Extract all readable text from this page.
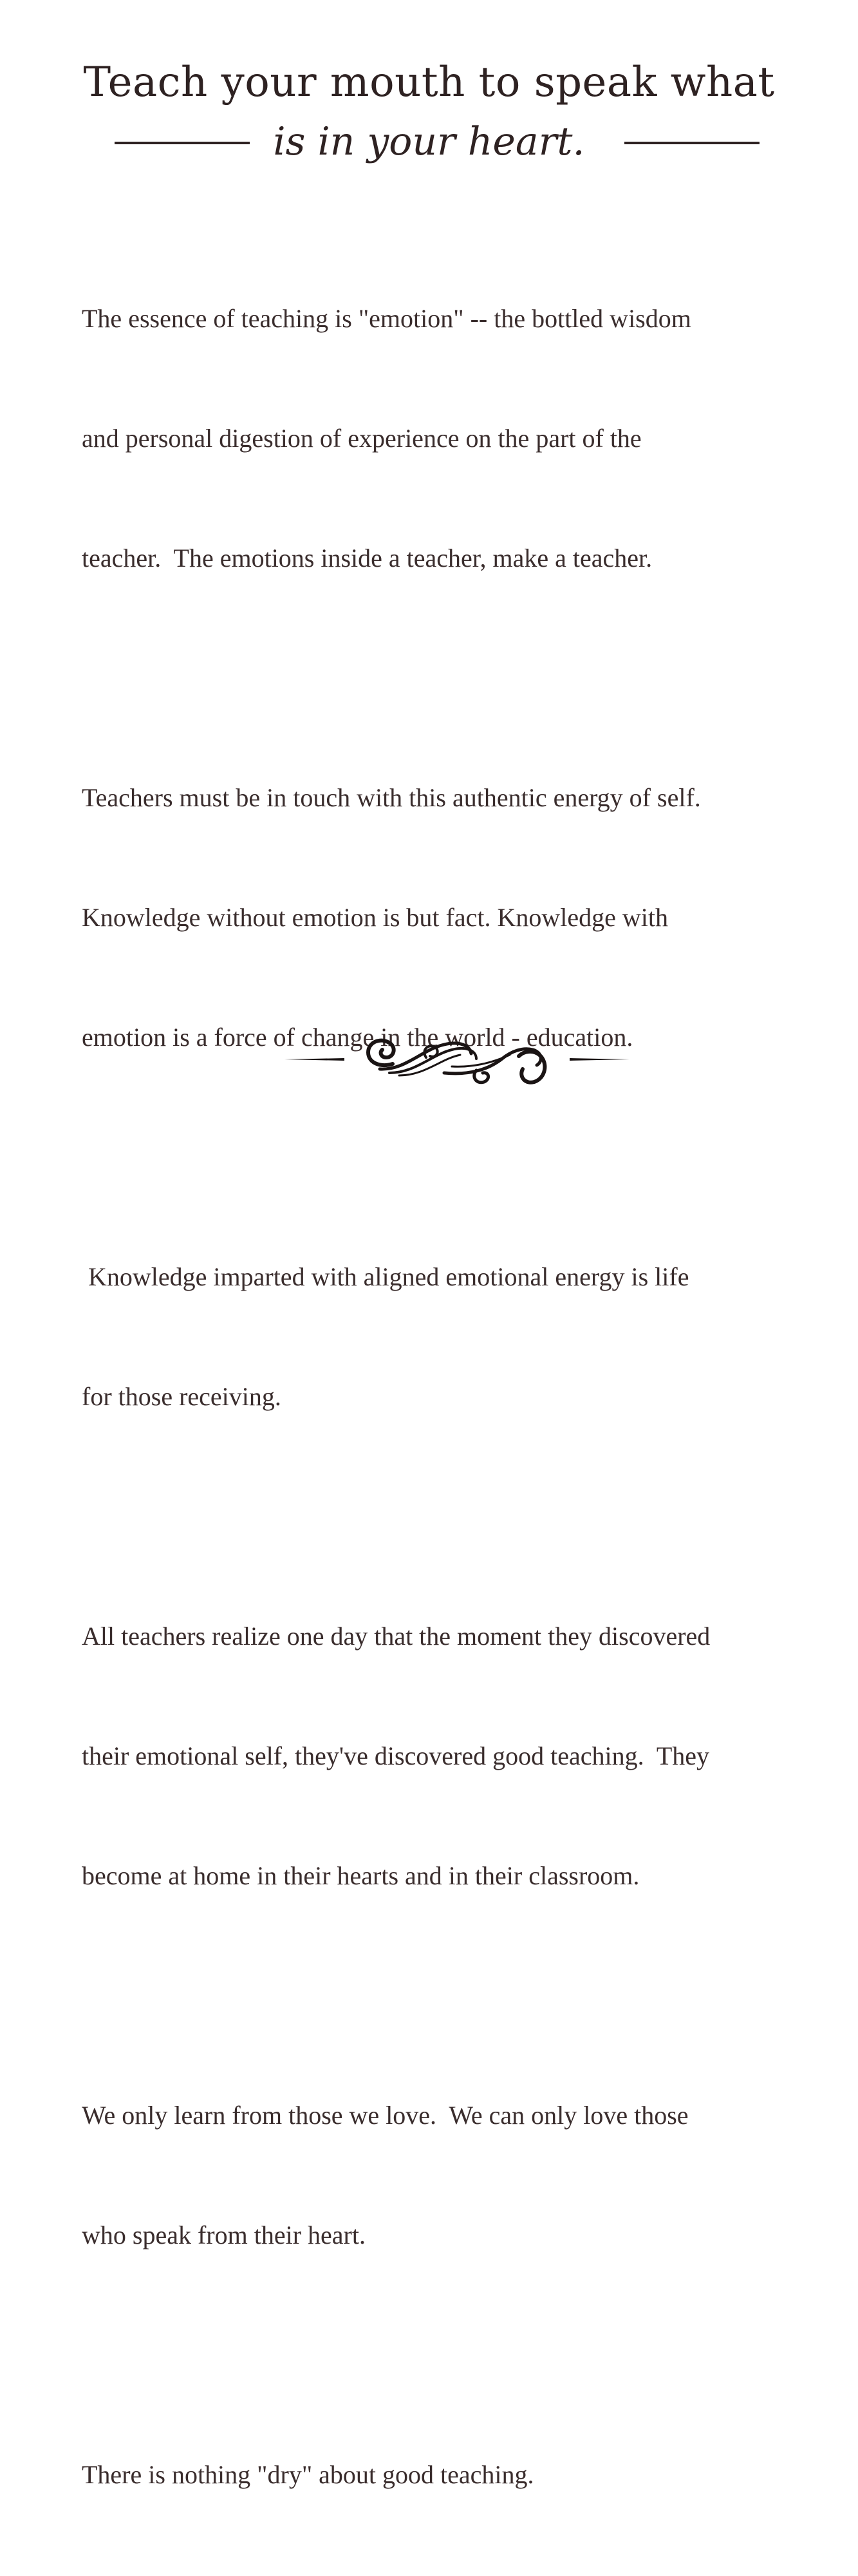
Teach your mouth to speak what
is in your heart.

The essence of teaching is "emotion" -- the bottled wisdom

and personal digestion of experience on the part of the

teacher.  The emotions inside a teacher, make a teacher.

Teachers must be in touch with this authentic energy of self.

Knowledge without emotion is but fact. Knowledge with

emotion is a force of change in the world - education.

Knowledge imparted with aligned emotional energy is life

for those receiving.

All teachers realize one day that the moment they discovered

their emotional self, they've discovered good teaching.  They

become at home in their hearts and in their classroom.

We only learn from those we love.  We can only love those

who speak from their heart.

There is nothing "dry" about good teaching.
